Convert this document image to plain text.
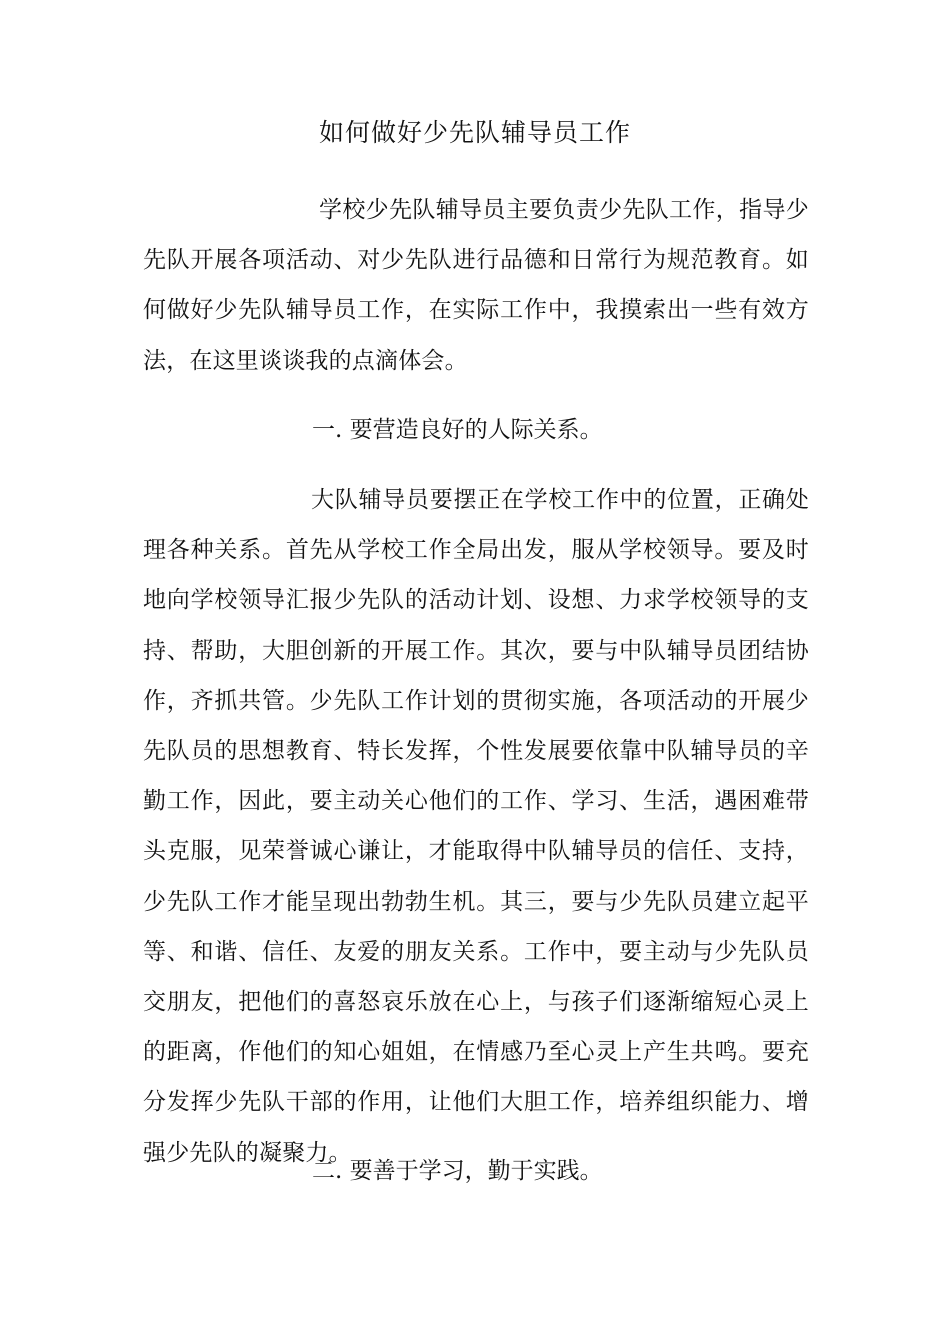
如何做好少先队辅导员工作

学校少先队辅导员主要负责少先队工作，指导少先队开展各项活动、对少先队进行品德和日常行为规范教育。如何做好少先队辅导员工作，在实际工作中，我摸索出一些有效方法，在这里谈谈我的点滴体会。

一. 要营造良好的人际关系。

大队辅导员要摆正在学校工作中的位置，正确处理各种关系。首先从学校工作全局出发，服从学校领导。要及时地向学校领导汇报少先队的活动计划、设想、力求学校领导的支持、帮助，大胆创新的开展工作。其次，要与中队辅导员团结协作，齐抓共管。少先队工作计划的贯彻实施，各项活动的开展少先队员的思想教育、特长发挥，个性发展要依靠中队辅导员的辛勤工作，因此，要主动关心他们的工作、学习、生活，遇困难带头克服，见荣誉诚心谦让，才能取得中队辅导员的信任、支持，少先队工作才能呈现出勃勃生机。其三，要与少先队员建立起平等、和谐、信任、友爱的朋友关系。工作中，要主动与少先队员交朋友，把他们的喜怒哀乐放在心上，与孩子们逐渐缩短心灵上的距离，作他们的知心姐姐，在情感乃至心灵上产生共鸣。要充分发挥少先队干部的作用，让他们大胆工作，培养组织能力、增强少先队的凝聚力。

二. 要善于学习，勤于实践。
